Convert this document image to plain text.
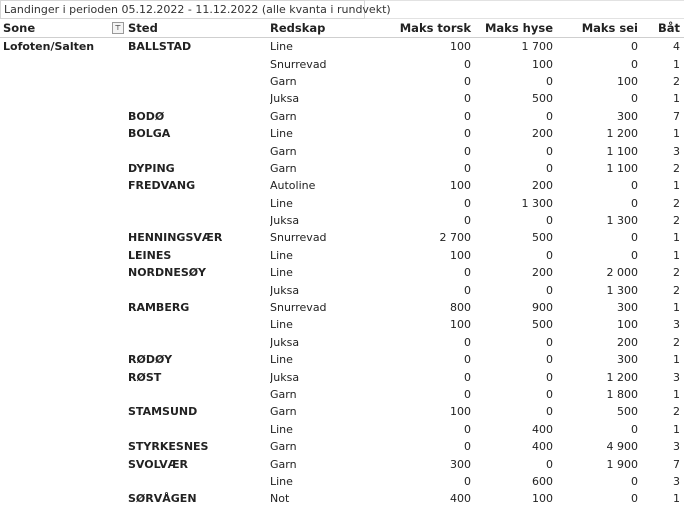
Landinger i perioden 05.12.2022 - 11.12.2022 (alle kvanta i rundvekt)
Sone ⊤	Sted	Redskap	Maks torsk	Maks hyse	Maks sei	Båt
Lofoten/Salten	BALLSTAD	Line	100	1 700	0	4
		Snurrevad	0	100	0	1
		Garn	0	0	100	2
		Juksa	0	500	0	1
	BODØ	Garn	0	0	300	7
	BOLGA	Line	0	200	1 200	1
		Garn	0	0	1 100	3
	DYPING	Garn	0	0	1 100	2
	FREDVANG	Autoline	100	200	0	1
		Line	0	1 300	0	2
		Juksa	0	0	1 300	2
	HENNINGSVÆR	Snurrevad	2 700	500	0	1
	LEINES	Line	100	0	0	1
	NORDNESØY	Line	0	200	2 000	2
		Juksa	0	0	1 300	2
	RAMBERG	Snurrevad	800	900	300	1
		Line	100	500	100	3
		Juksa	0	0	200	2
	RØDØY	Line	0	0	300	1
	RØST	Juksa	0	0	1 200	3
		Garn	0	0	1 800	1
	STAMSUND	Garn	100	0	500	2
		Line	0	400	0	1
	STYRKESNES	Garn	0	400	4 900	3
	SVOLVÆR	Garn	300	0	1 900	7
		Line	0	600	0	3
	SØRVÅGEN	Not	400	100	0	1
